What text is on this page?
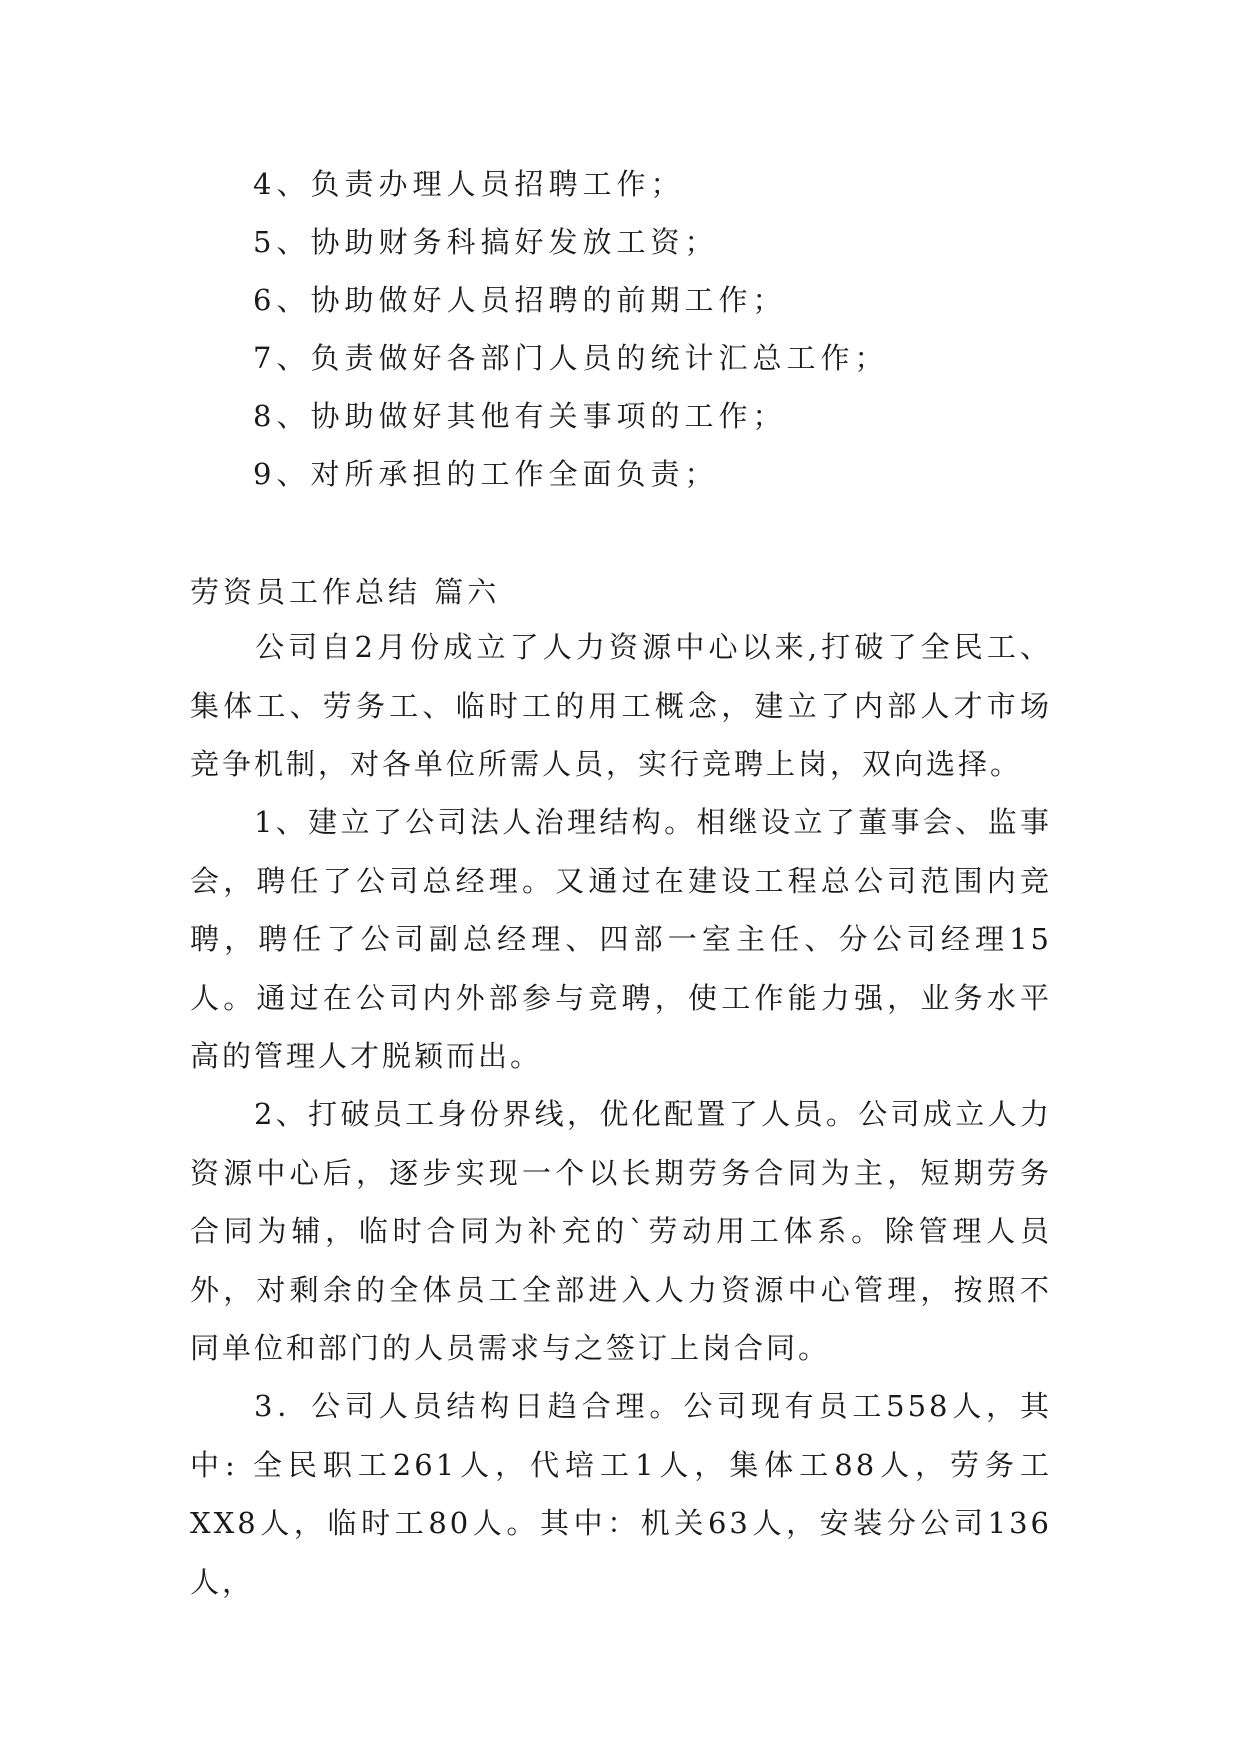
4、负责办理人员招聘工作；
5、协助财务科搞好发放工资；
6、协助做好人员招聘的前期工作；
7、负责做好各部门人员的统计汇总工作；
8、协助做好其他有关事项的工作；
9、对所承担的工作全面负责；
劳资员工作总结 篇六
公司自2月份成立了人力资源中心以来,打破了全民工、集体工、劳务工、临时工的用工概念，建立了内部人才市场竞争机制，对各单位所需人员，实行竞聘上岗，双向选择。
1、建立了公司法人治理结构。相继设立了董事会、监事会，聘任了公司总经理。又通过在建设工程总公司范围内竞聘，聘任了公司副总经理、四部一室主任、分公司经理15人。通过在公司内外部参与竞聘，使工作能力强，业务水平高的管理人才脱颖而出。
2、打破员工身份界线，优化配置了人员。公司成立人力资源中心后，逐步实现一个以长期劳务合同为主，短期劳务合同为辅，临时合同为补充的`劳动用工体系。除管理人员外，对剩余的全体员工全部进入人力资源中心管理，按照不同单位和部门的人员需求与之签订上岗合同。
3．公司人员结构日趋合理。公司现有员工558人，其中: 全民职工261人，代培工1人，集体工88人，劳务工XX8人，临时工80人。其中：机关63人，安装分公司136人，
